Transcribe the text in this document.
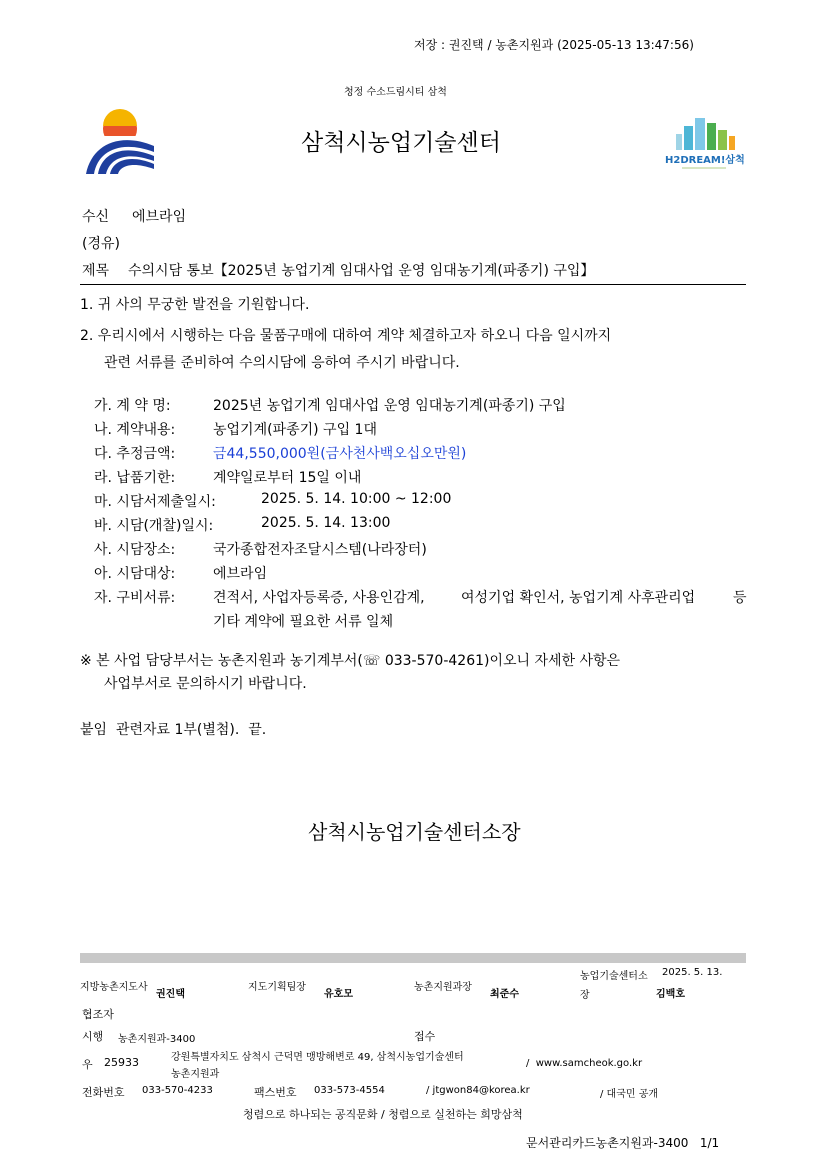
저장 : 권진택 / 농촌지원과 (2025-05-13 13:47:56)
청정 수소드림시티 삼척
삼척시농업기술센터
H2DREAM!삼척
수신 에브라임
(경유)
제목 수의시담 통보【2025년 농업기계 임대사업 운영 임대농기계(파종기) 구입】
1. 귀 사의 무궁한 발전을 기원합니다.
2. 우리시에서 시행하는 다음 물품구매에 대하여 계약 체결하고자 하오니 다음 일시까지
관련 서류를 준비하여 수의시담에 응하여 주시기 바랍니다.
가. 계 약 명:	2025년 농업기계 임대사업 운영 임대농기계(파종기) 구입
나. 계약내용:	농업기계(파종기) 구입 1대
다. 추정금액:	금44,550,000원(금사천사백오십오만원)
라. 납품기한:	계약일로부터 15일 이내
마. 시담서제출일시:	2025. 5. 14. 10:00 ~ 12:00
바. 시담(개찰)일시:	2025. 5. 14. 13:00
사. 시담장소:	국가종합전자조달시스템(나라장터)
아. 시담대상:	에브라임
자. 구비서류:	견적서, 사업자등록증, 사용인감계,	여성기업 확인서, 농업기계 사후관리업	등
기타 계약에 필요한 서류 일체
※ 본 사업 담당부서는 농촌지원과 농기계부서(☏ 033-570-4261)이오니 자세한 사항은
사업부서로 문의하시기 바랍니다.
붙임  관련자료 1부(별첨).  끝.
삼척시농업기술센터소장
지방농촌지도사
권진택
지도기획팀장
유호모
농촌지원과장
최준수
농업기술센터소
장
2025. 5. 13.
김백호
협조자
시행 농촌지원과-3400	접수
우 25933	강원특별자치도 삼척시 근덕면 맹방해변로 49, 삼척시농업기술센터
농촌지원과
/  www.samcheok.go.kr
전화번호 033-570-4233	팩스번호 033-573-4554	/ jtgwon84@korea.kr	/ 대국민 공개
청렴으로 하나되는 공직문화 / 청렴으로 실천하는 희망삼척
문서관리카드농촌지원과-3400   1/1
